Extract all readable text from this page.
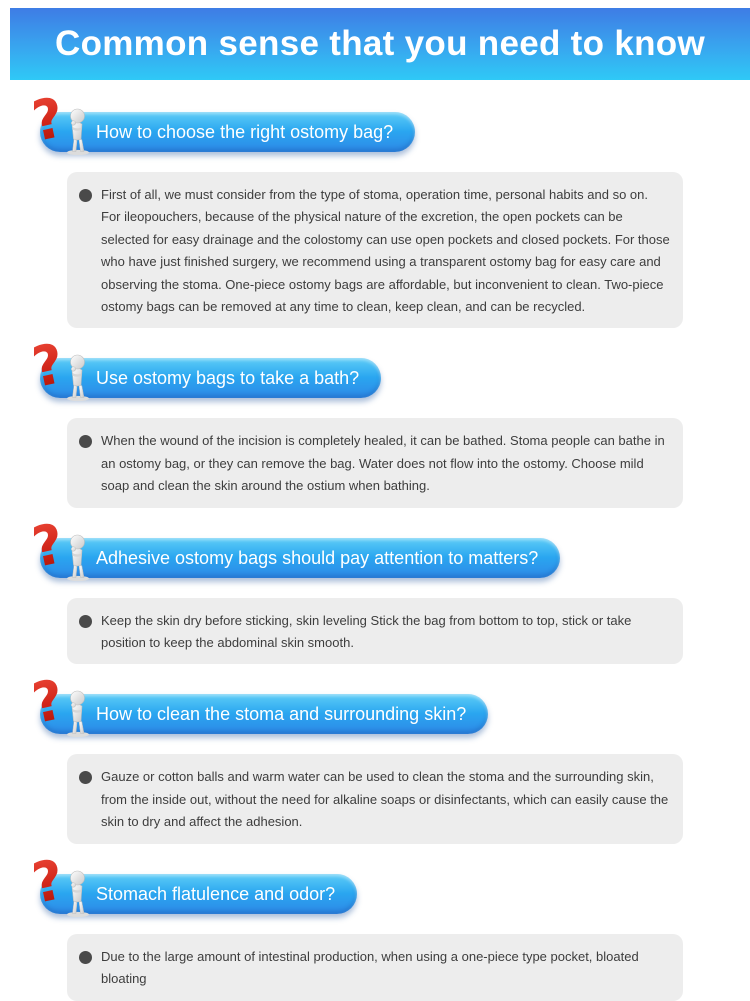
Common sense that you need to know
How to choose the right ostomy bag?
First of all, we must consider from the type of stoma, operation time, personal habits and so on. For ileopouchers, because of the physical nature of the excretion, the open pockets can be selected for easy drainage and the colostomy can use open pockets and closed pockets. For those who have just finished surgery, we recommend using a transparent ostomy bag for easy care and observing the stoma. One-piece ostomy bags are affordable, but inconvenient to clean. Two-piece ostomy bags can be removed at any time to clean, keep clean, and can be recycled.
Use ostomy bags to take a bath?
When the wound of the incision is completely healed, it can be bathed. Stoma people can bathe in an ostomy bag, or they can remove the bag. Water does not flow into the ostomy. Choose mild soap and clean the skin around the ostium when bathing.
Adhesive ostomy bags should pay attention to matters?
Keep the skin dry before sticking, skin leveling Stick the bag from bottom to top, stick or take position to keep the abdominal skin smooth.
How to clean the stoma and surrounding skin?
Gauze or cotton balls and warm water can be used to clean the stoma and the surrounding skin, from the inside out, without the need for alkaline soaps or disinfectants, which can easily cause the skin to dry and affect the adhesion.
Stomach flatulence and odor?
Due to the large amount of intestinal production, when using a one-piece type pocket, bloated bloating
